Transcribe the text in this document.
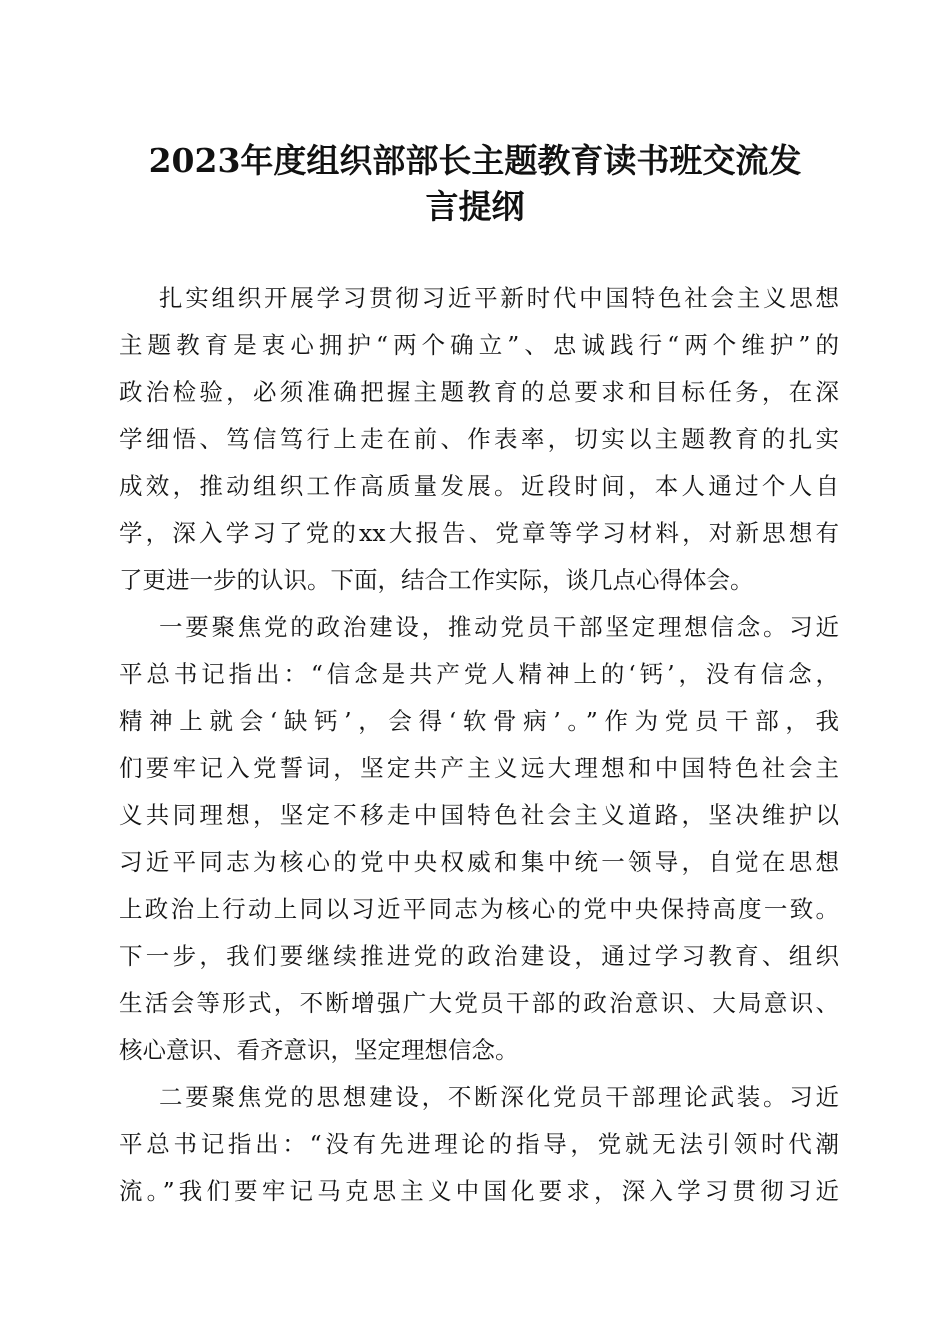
2023年度组织部部长主题教育读书班交流发
言提纲
扎实组织开展学习贯彻习近平新时代中国特色社会主义思想
主题教育是衷心拥护“两个确立”、忠诚践行“两个维护”的
政治检验，必须准确把握主题教育的总要求和目标任务，在深
学细悟、笃信笃行上走在前、作表率，切实以主题教育的扎实
成效，推动组织工作高质量发展。近段时间，本人通过个人自
学，深入学习了党的xx大报告、党章等学习材料，对新思想有
了更进一步的认识。下面，结合工作实际，谈几点心得体会。
一要聚焦党的政治建设，推动党员干部坚定理想信念。习近
平总书记指出：“信念是共产党人精神上的‘钙’，没有信念，
精神上就会‘缺钙’，会得‘软骨病’。”作为党员干部，我
们要牢记入党誓词，坚定共产主义远大理想和中国特色社会主
义共同理想，坚定不移走中国特色社会主义道路，坚决维护以
习近平同志为核心的党中央权威和集中统一领导，自觉在思想
上政治上行动上同以习近平同志为核心的党中央保持高度一致。
下一步，我们要继续推进党的政治建设，通过学习教育、组织
生活会等形式，不断增强广大党员干部的政治意识、大局意识、
核心意识、看齐意识，坚定理想信念。
二要聚焦党的思想建设，不断深化党员干部理论武装。习近
平总书记指出：“没有先进理论的指导，党就无法引领时代潮
流。”我们要牢记马克思主义中国化要求，深入学习贯彻习近
